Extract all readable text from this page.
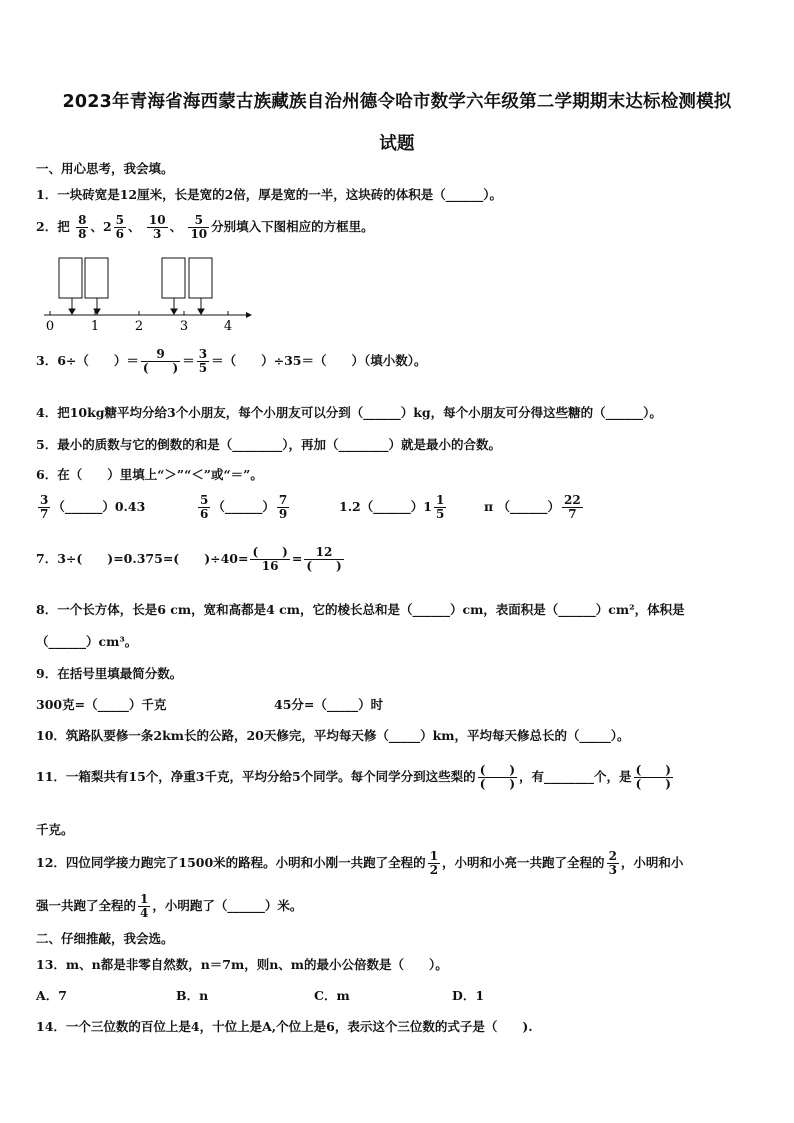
2023年青海省海西蒙古族藏族自治州德令哈市数学六年级第二学期期末达标检测模拟
试题
一、用心思考，我会填。
1．一块砖宽是12厘米，长是宽的2倍，厚是宽的一半，这块砖的体积是（______）。
2．把 $\frac{8}{8}$ 、$2 \frac{5}{6}$ 、 $\frac{10}{3}$ 、 $\frac{5}{10}$ 分别填入下图相应的方框里。
0	1	2	3	4
3．6÷（　　）＝ $\frac{9}{( )} = \frac{3}{5}$ ＝（　　）÷35＝（　　）（填小数）。
4．把10kg糖平均分给3个小朋友，每个小朋友可以分到（______）kg，每个小朋友可分得这些糖的（______）。
5．最小的质数与它的倒数的和是（________），再加（________）就是最小的合数。
6．在（　　）里填上“＞”“＜”或“＝”。
$\frac{3}{7}$ （______）0.43	$\frac{5}{6}$ （______） $\frac{7}{9}$	1.2（______）1 $\frac{1}{5}$	π （______） $\frac{22}{7}$
7．3÷(　　)=0.375=(　　)$\div 40= \frac{( )}{16} = \frac{12}{( )}$
8．一个长方体，长是6 cm，宽和高都是4 cm，它的棱长总和是（______）cm，表面积是（______）cm²，体积是
（______）cm³。
9．在括号里填最简分数。
300克=（_____）千克	45分=（_____）时
10．筑路队要修一条2km长的公路，20天修完，平均每天修（_____）km，平均每天修总长的（_____）。
11．一箱梨共有15个，净重3千克，平均分给5个同学。每个同学分到这些梨的 $\frac{( )}{( )}$ ，有________个，是 $\frac{( )}{( )}$
千克。
12．四位同学接力跑完了1500米的路程。小明和小刚一共跑了全程的 $\frac{1}{2}$ ，小明和小亮一共跑了全程的 $\frac{2}{3}$ ，小明和小
强一共跑了全程的 $\frac{1}{4}$ ，小明跑了（______）米。
二、仔细推敲，我会选。
13．m、n都是非零自然数，n＝7m，则n、m的最小公倍数是（　　）。
A．7	B．n	C．m	D．1
14．一个三位数的百位上是4，十位上是A,个位上是6，表示这个三位数的式子是（　　).
